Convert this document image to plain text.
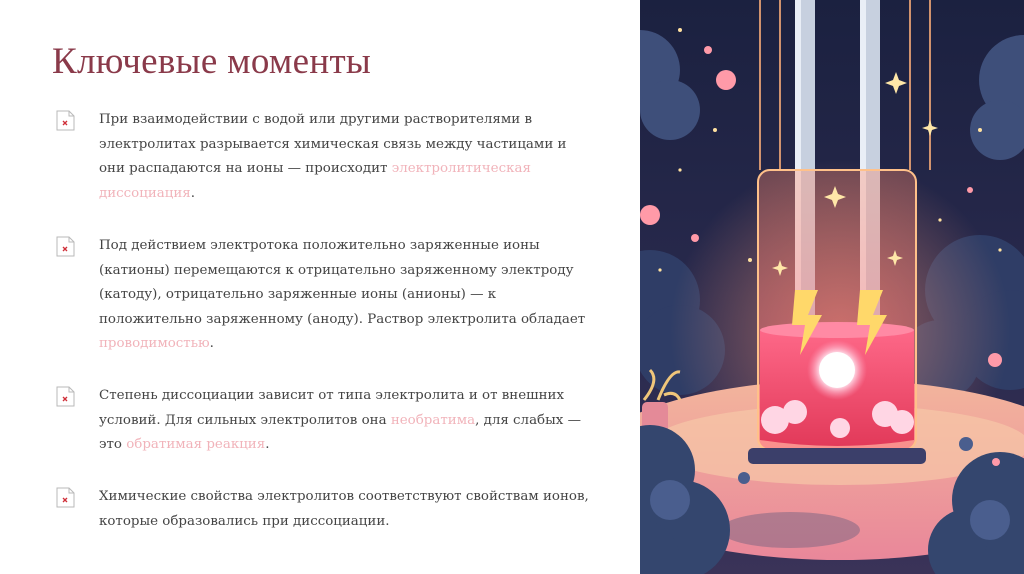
Ключевые моменты

При взаимодействии с водой или другими растворителями в электролитах разрывается химическая связь между частицами и они распадаются на ионы — происходит электролитическая диссоциация.

Под действием электротока положительно заряженные ионы (катионы) перемещаются к отрицательно заряженному электроду (катоду), отрицательно заряженные ионы (анионы) — к положительно заряженному (аноду). Раствор электролита обладает проводимостью.

Степень диссоциации зависит от типа электролита и от внешних условий. Для сильных электролитов она необратима, для слабых — это обратимая реакция.

Химические свойства электролитов соответствуют свойствам ионов, которые образовались при диссоциации.
